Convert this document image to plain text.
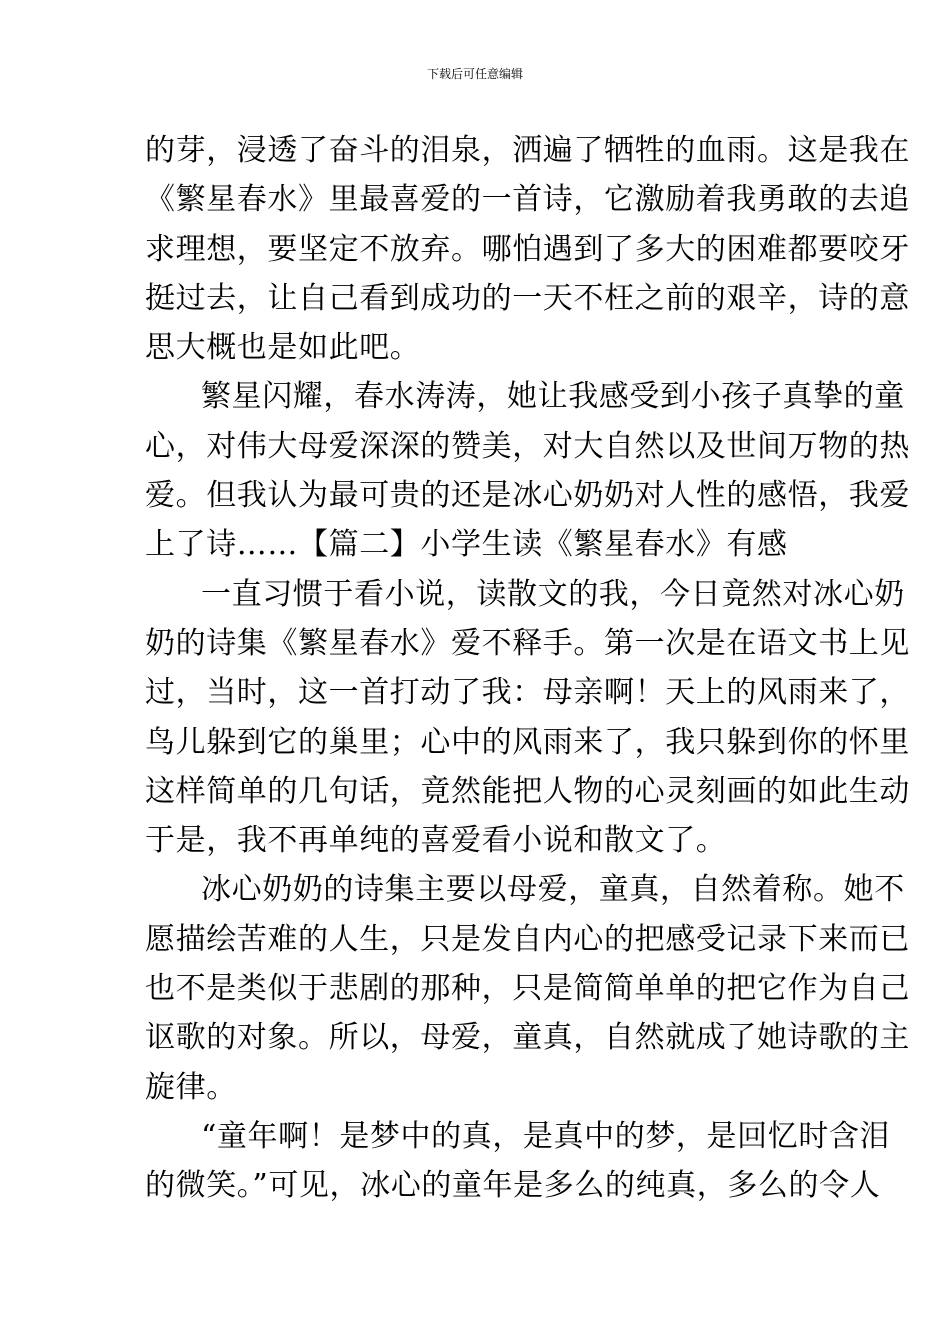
下载后可任意编辑
的芽，浸透了奋斗的泪泉，洒遍了牺牲的血雨。这是我在
《繁星春水》里最喜爱的一首诗，它激励着我勇敢的去追
求理想，要坚定不放弃。哪怕遇到了多大的困难都要咬牙
挺过去，让自己看到成功的一天不枉之前的艰辛，诗的意
思大概也是如此吧。
繁星闪耀，春水涛涛，她让我感受到小孩子真挚的童
心，对伟大母爱深深的赞美，对大自然以及世间万物的热
爱。但我认为最可贵的还是冰心奶奶对人性的感悟，我爱
上了诗……【篇二】小学生读《繁星春水》有感
一直习惯于看小说，读散文的我，今日竟然对冰心奶
奶的诗集《繁星春水》爱不释手。第一次是在语文书上见
过，当时，这一首打动了我：母亲啊！天上的风雨来了，
鸟儿躲到它的巢里；心中的风雨来了，我只躲到你的怀里
这样简单的几句话，竟然能把人物的心灵刻画的如此生动
于是，我不再单纯的喜爱看小说和散文了。
冰心奶奶的诗集主要以母爱，童真，自然着称。她不
愿描绘苦难的人生，只是发自内心的把感受记录下来而已
也不是类似于悲剧的那种，只是简简单单的把它作为自己
讴歌的对象。所以，母爱，童真，自然就成了她诗歌的主
旋律。
“童年啊！是梦中的真，是真中的梦，是回忆时含泪
的微笑。”可见，冰心的童年是多么的纯真，多么的令人
